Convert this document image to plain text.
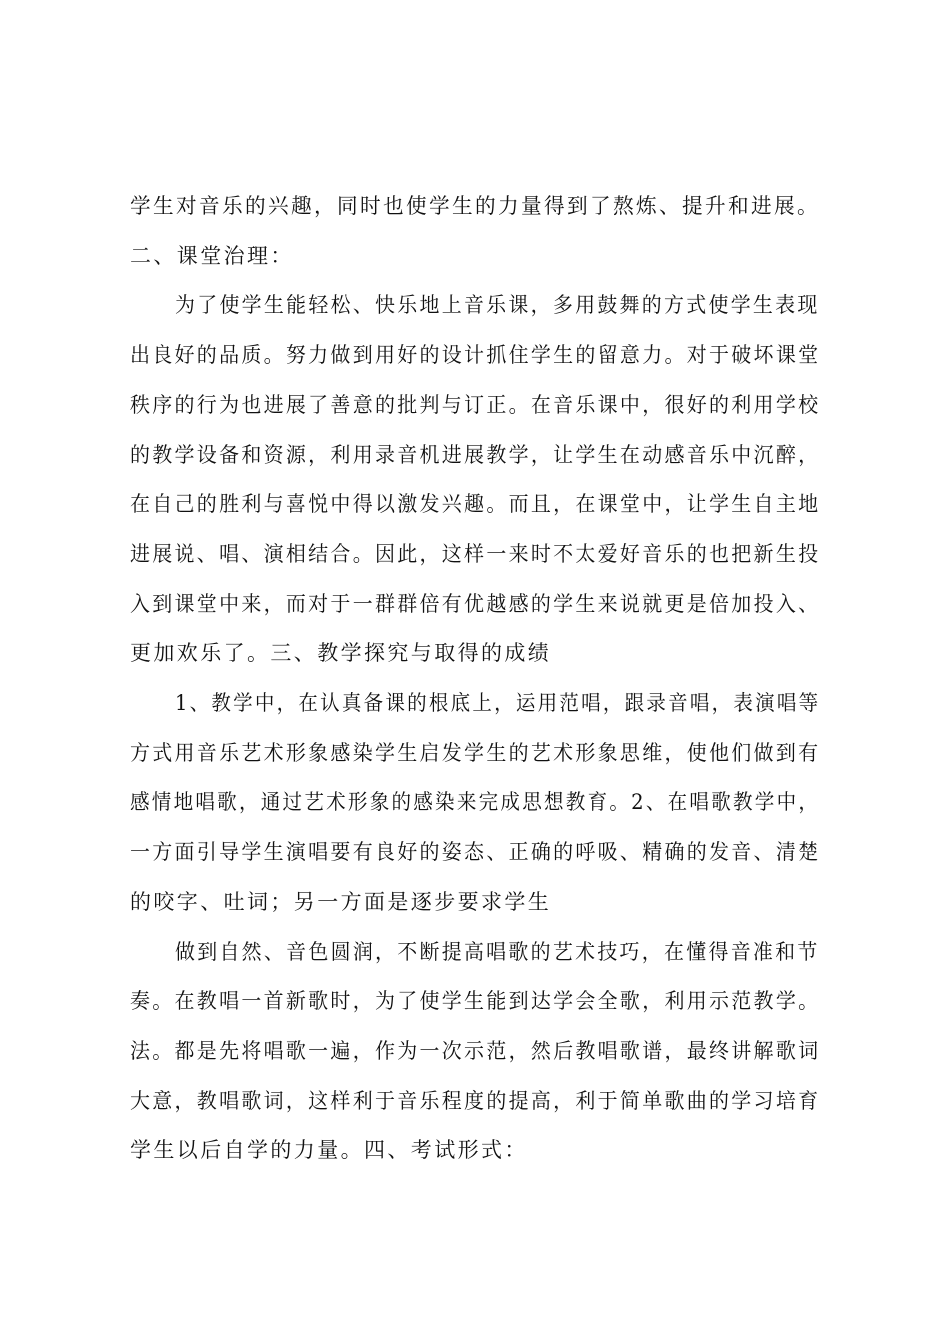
学生对音乐的兴趣，同时也使学生的力量得到了熬炼、提升和进展。
二、课堂治理：
为了使学生能轻松、快乐地上音乐课，多用鼓舞的方式使学生表现
出良好的品质。努力做到用好的设计抓住学生的留意力。对于破坏课堂
秩序的行为也进展了善意的批判与订正。在音乐课中，很好的利用学校
的教学设备和资源，利用录音机进展教学，让学生在动感音乐中沉醉，
在自己的胜利与喜悦中得以激发兴趣。而且，在课堂中，让学生自主地
进展说、唱、演相结合。因此，这样一来时不太爱好音乐的也把新生投
入到课堂中来，而对于一群群倍有优越感的学生来说就更是倍加投入、
更加欢乐了。三、教学探究与取得的成绩
1、教学中，在认真备课的根底上，运用范唱，跟录音唱，表演唱等
方式用音乐艺术形象感染学生启发学生的艺术形象思维，使他们做到有
感情地唱歌，通过艺术形象的感染来完成思想教育。2、在唱歌教学中，
一方面引导学生演唱要有良好的姿态、正确的呼吸、精确的发音、清楚
的咬字、吐词；另一方面是逐步要求学生
做到自然、音色圆润，不断提高唱歌的艺术技巧，在懂得音准和节
奏。在教唱一首新歌时，为了使学生能到达学会全歌，利用示范教学。
法。都是先将唱歌一遍，作为一次示范，然后教唱歌谱，最终讲解歌词
大意，教唱歌词，这样利于音乐程度的提高，利于简单歌曲的学习培育
学生以后自学的力量。四、考试形式：
